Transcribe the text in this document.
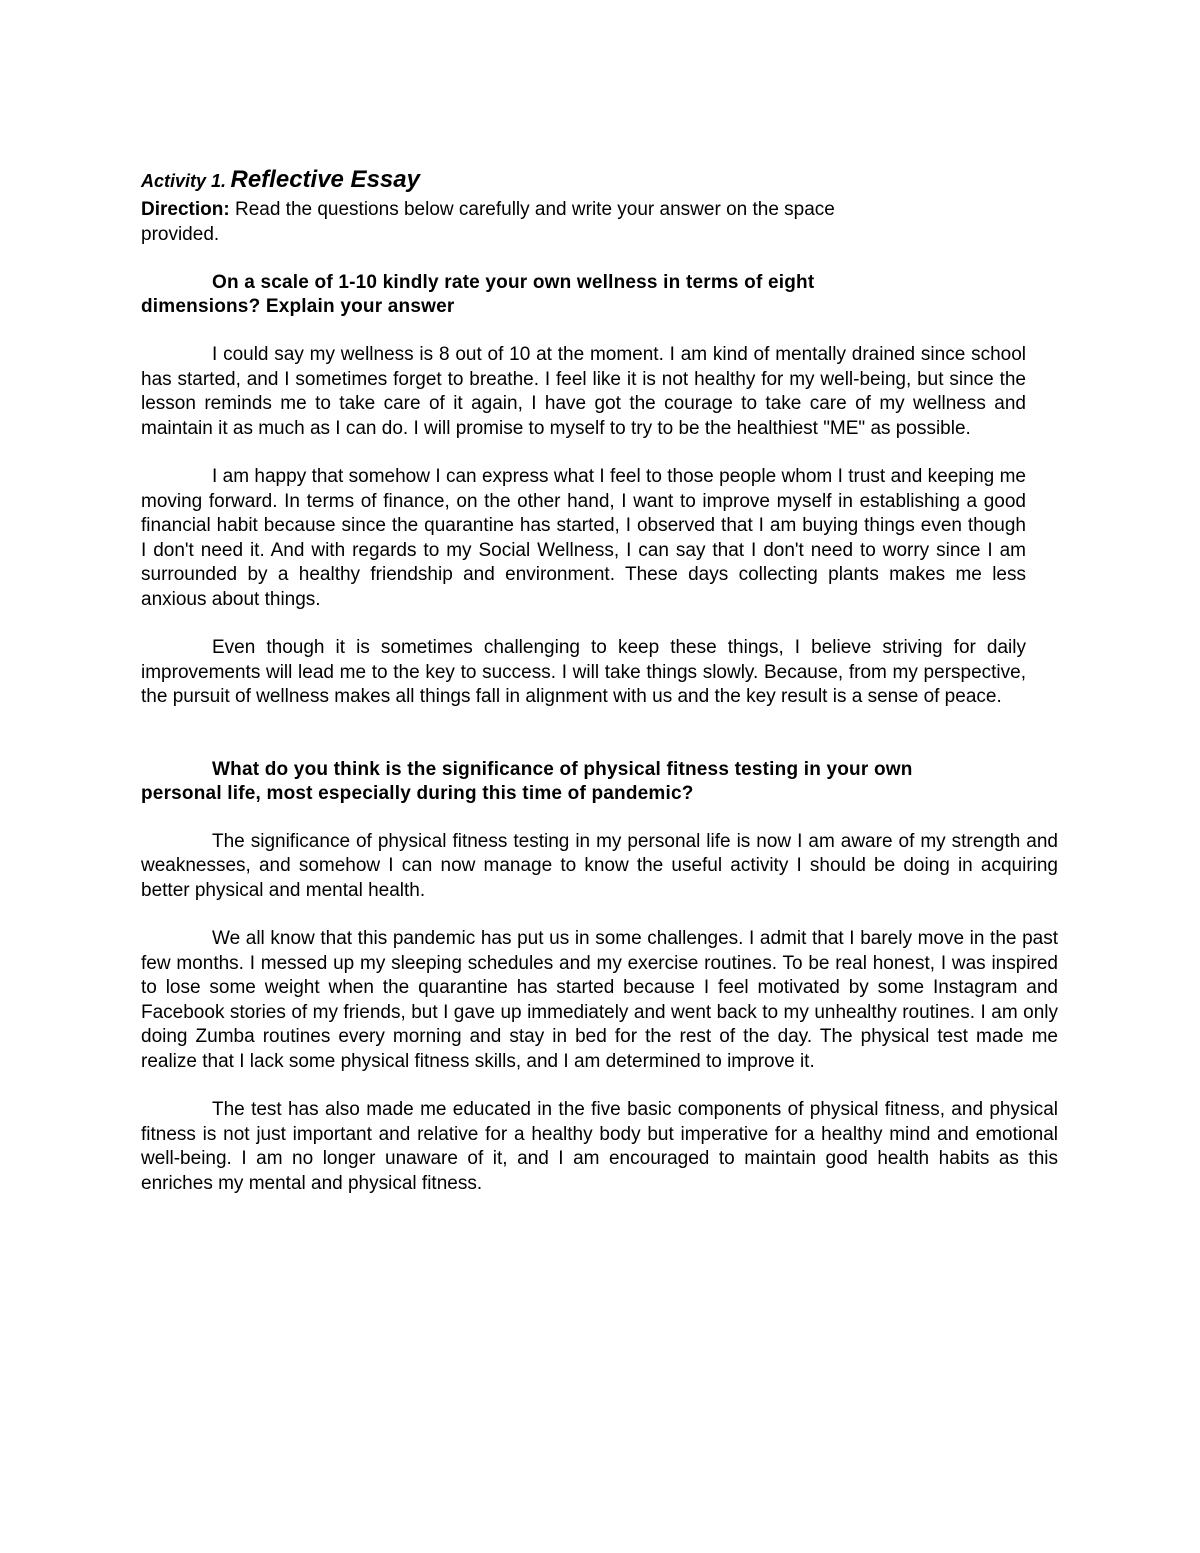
Activity 1. Reflective Essay

Direction: Read the questions below carefully and write your answer on the space provided.

On a scale of 1-10 kindly rate your own wellness in terms of eight dimensions? Explain your answer

I could say my wellness is 8 out of 10 at the moment. I am kind of mentally drained since school has started, and I sometimes forget to breathe. I feel like it is not healthy for my well-being, but since the lesson reminds me to take care of it again, I have got the courage to take care of my wellness and maintain it as much as I can do. I will promise to myself to try to be the healthiest "ME" as possible.

I am happy that somehow I can express what I feel to those people whom I trust and keeping me moving forward. In terms of finance, on the other hand, I want to improve myself in establishing a good financial habit because since the quarantine has started, I observed that I am buying things even though I don't need it. And with regards to my Social Wellness, I can say that I don't need to worry since I am surrounded by a healthy friendship and environment. These days collecting plants makes me less anxious about things.

Even though it is sometimes challenging to keep these things, I believe striving for daily improvements will lead me to the key to success. I will take things slowly. Because, from my perspective, the pursuit of wellness makes all things fall in alignment with us and the key result is a sense of peace.

What do you think is the significance of physical fitness testing in your own personal life, most especially during this time of pandemic?

The significance of physical fitness testing in my personal life is now I am aware of my strength and weaknesses, and somehow I can now manage to know the useful activity I should be doing in acquiring better physical and mental health.

We all know that this pandemic has put us in some challenges. I admit that I barely move in the past few months. I messed up my sleeping schedules and my exercise routines. To be real honest, I was inspired to lose some weight when the quarantine has started because I feel motivated by some Instagram and Facebook stories of my friends, but I gave up immediately and went back to my unhealthy routines. I am only doing Zumba routines every morning and stay in bed for the rest of the day. The physical test made me realize that I lack some physical fitness skills, and I am determined to improve it.

The test has also made me educated in the five basic components of physical fitness, and physical fitness is not just important and relative for a healthy body but imperative for a healthy mind and emotional well-being. I am no longer unaware of it, and I am encouraged to maintain good health habits as this enriches my mental and physical fitness.
